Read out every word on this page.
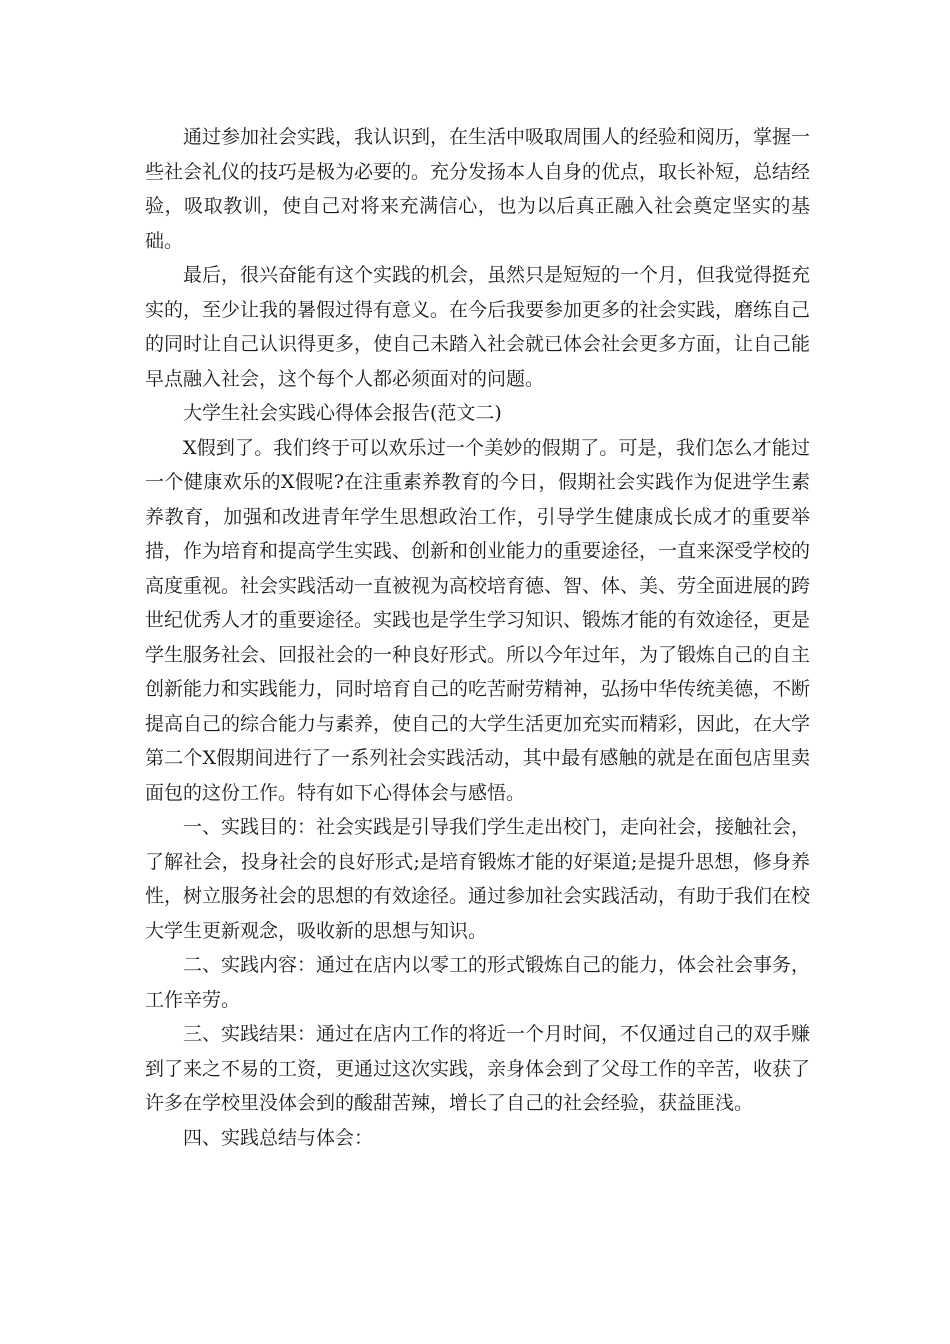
通过参加社会实践，我认识到，在生活中吸取周围人的经验和阅历，掌握一些社会礼仪的技巧是极为必要的。充分发扬本人自身的优点，取长补短，总结经验，吸取教训，使自己对将来充满信心，也为以后真正融入社会奠定坚实的基础。

最后，很兴奋能有这个实践的机会，虽然只是短短的一个月，但我觉得挺充实的，至少让我的暑假过得有意义。在今后我要参加更多的社会实践，磨练自己的同时让自己认识得更多，使自己未踏入社会就已体会社会更多方面，让自己能早点融入社会，这个每个人都必须面对的问题。

大学生社会实践心得体会报告(范文二)

X假到了。我们终于可以欢乐过一个美妙的假期了。可是，我们怎么才能过一个健康欢乐的X假呢?在注重素养教育的今日，假期社会实践作为促进学生素养教育，加强和改进青年学生思想政治工作，引导学生健康成长成才的重要举措，作为培育和提高学生实践、创新和创业能力的重要途径，一直来深受学校的高度重视。社会实践活动一直被视为高校培育德、智、体、美、劳全面进展的跨世纪优秀人才的重要途径。实践也是学生学习知识、锻炼才能的有效途径，更是学生服务社会、回报社会的一种良好形式。所以今年过年，为了锻炼自己的自主创新能力和实践能力，同时培育自己的吃苦耐劳精神，弘扬中华传统美德，不断提高自己的综合能力与素养，使自己的大学生活更加充实而精彩，因此，在大学第二个X假期间进行了一系列社会实践活动，其中最有感触的就是在面包店里卖面包的这份工作。特有如下心得体会与感悟。

一、实践目的：社会实践是引导我们学生走出校门，走向社会，接触社会，了解社会，投身社会的良好形式;是培育锻炼才能的好渠道;是提升思想，修身养性，树立服务社会的思想的有效途径。通过参加社会实践活动，有助于我们在校大学生更新观念，吸收新的思想与知识。

二、实践内容：通过在店内以零工的形式锻炼自己的能力，体会社会事务，工作辛劳。

三、实践结果：通过在店内工作的将近一个月时间，不仅通过自己的双手赚到了来之不易的工资，更通过这次实践，亲身体会到了父母工作的辛苦，收获了许多在学校里没体会到的酸甜苦辣，增长了自己的社会经验，获益匪浅。

四、实践总结与体会：
